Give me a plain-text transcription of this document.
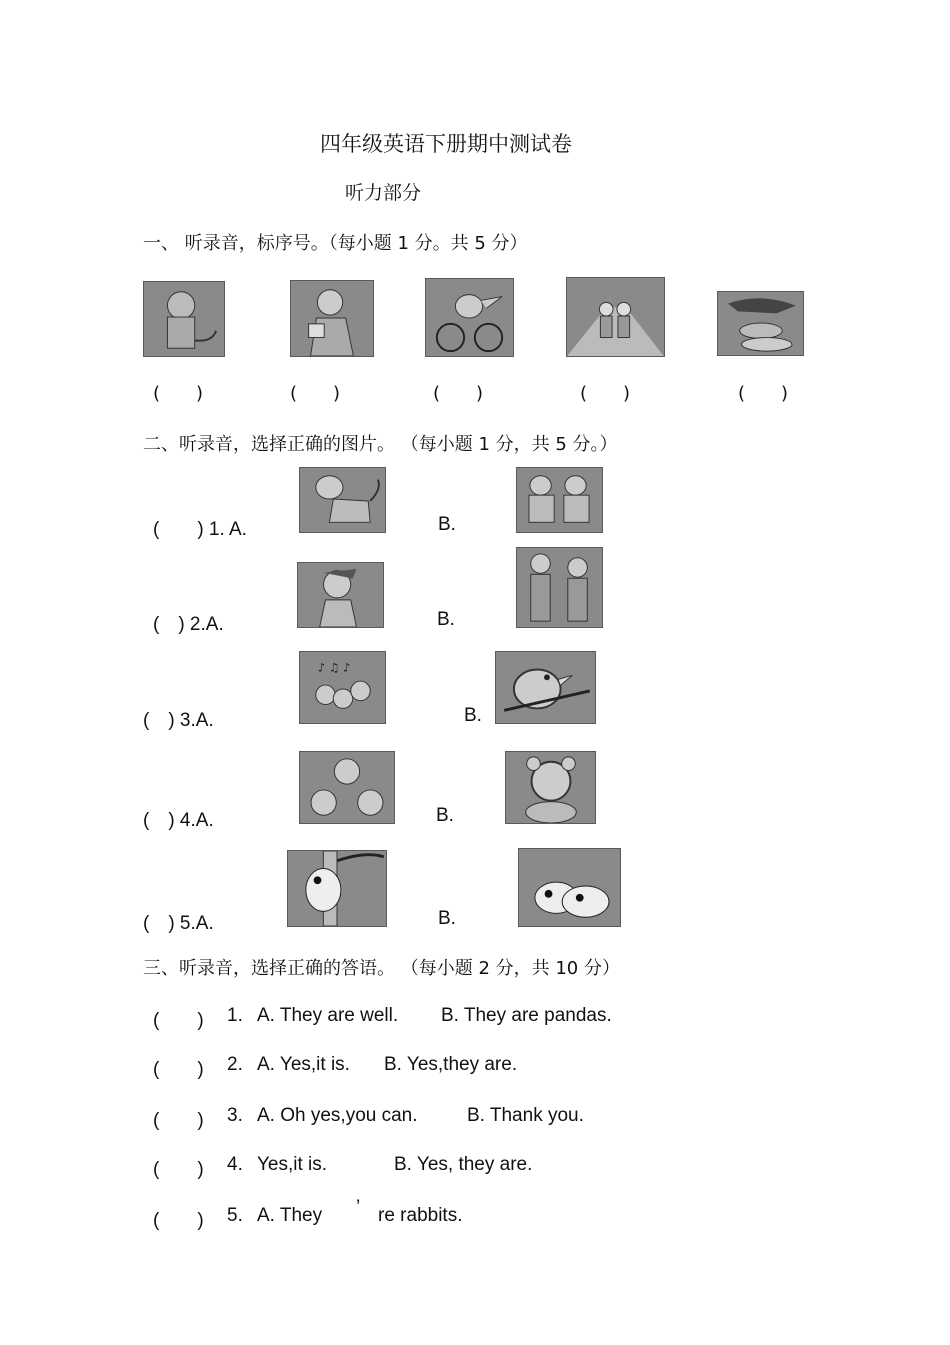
四年级英语下册期中测试卷
听力部分
一、 听录音，标序号。（每小题 1 分。共 5 分）
(　　)	(　　)	(　　)	(　　)	(　　)
二、听录音，选择正确的图片。 （每小题 1 分，共 5 分。）
(　　) 1. A.	B.
(　) 2.A.	B.
(　) 3.A.
♪ ♫ ♪
B.
(　) 4.A.	B.
(　) 5.A.	B.
三、听录音，选择正确的答语。 （每小题 2 分，共 10 分）
(　　) 1. A. They are well. B. They are pandas.
(　　) 2. A. Yes,it is. B. Yes,they are.
(　　) 3. A. Oh yes,you can.	B. Thank you.
(　　) 4. Yes,it is.	B. Yes, they are.
(　　) 5. A. They ’ re rabbits.
